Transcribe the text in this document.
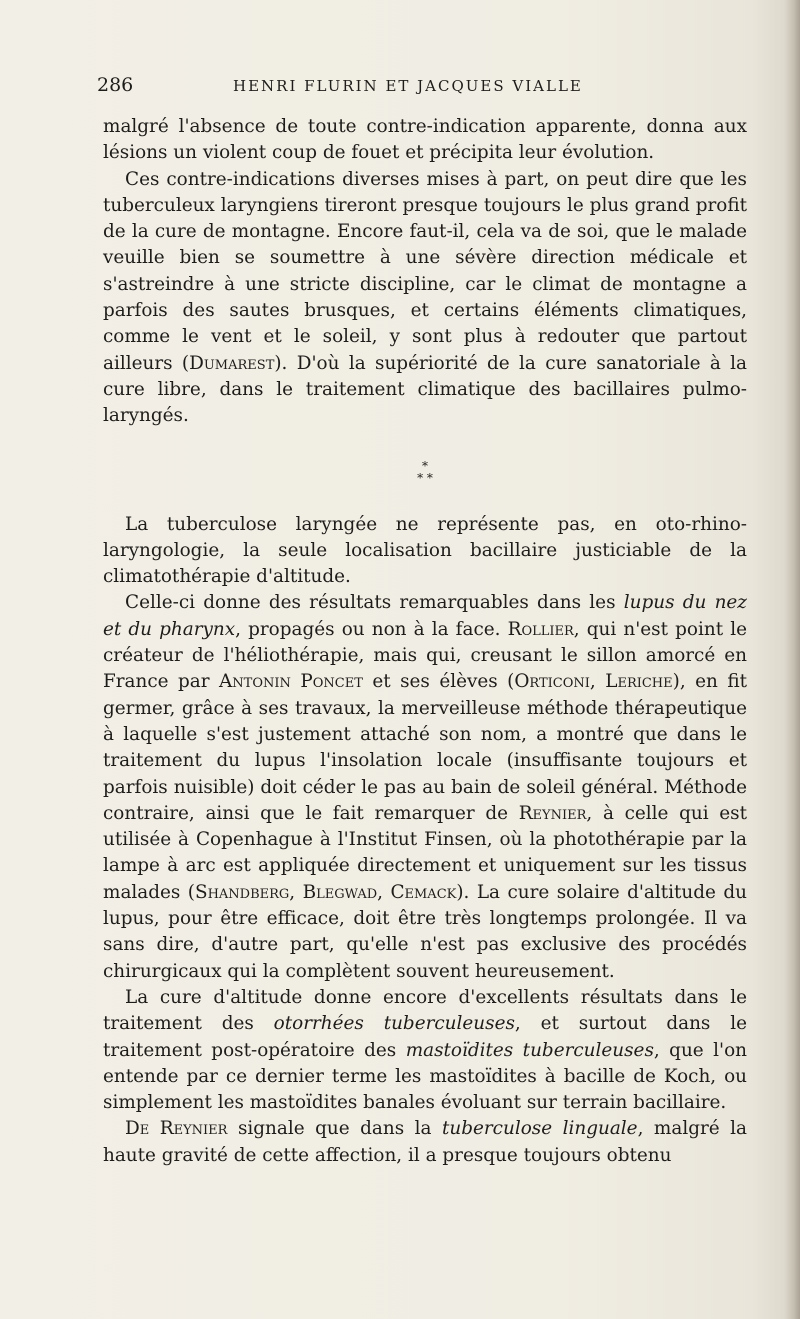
286	HENRI FLURIN ET JACQUES VIALLE

malgré l'absence de toute contre-indication apparente, donna aux lésions un violent coup de fouet et précipita leur évolution.

Ces contre-indications diverses mises à part, on peut dire que les tuberculeux laryngiens tireront presque toujours le plus grand profit de la cure de montagne. Encore faut-il, cela va de soi, que le malade veuille bien se soumettre à une sévère direction médicale et s'astreindre à une stricte discipline, car le climat de montagne a parfois des sautes brusques, et certains éléments climatiques, comme le vent et le soleil, y sont plus à redouter que partout ailleurs (Dumarest). D'où la supériorité de la cure sanatoriale à la cure libre, dans le traitement climatique des bacillaires pulmo-laryngés.

*
* *

La tuberculose laryngée ne représente pas, en oto-rhino-laryngologie, la seule localisation bacillaire justiciable de la climatothérapie d'altitude.

Celle-ci donne des résultats remarquables dans les lupus du nez et du pharynx, propagés ou non à la face. Rollier, qui n'est point le créateur de l'héliothérapie, mais qui, creusant le sillon amorcé en France par Antonin Poncet et ses élèves (Orticoni, Leriche), en fit germer, grâce à ses travaux, la merveilleuse méthode thérapeutique à laquelle s'est justement attaché son nom, a montré que dans le traitement du lupus l'insolation locale (insuffisante toujours et parfois nuisible) doit céder le pas au bain de soleil général. Méthode contraire, ainsi que le fait remarquer de Reynier, à celle qui est utilisée à Copenhague à l'Institut Finsen, où la photothérapie par la lampe à arc est appliquée directement et uniquement sur les tissus malades (Shandberg, Blegwad, Cemack). La cure solaire d'altitude du lupus, pour être efficace, doit être très longtemps prolongée. Il va sans dire, d'autre part, qu'elle n'est pas exclusive des procédés chirurgicaux qui la complètent souvent heureusement.

La cure d'altitude donne encore d'excellents résultats dans le traitement des otorrhées tuberculeuses, et surtout dans le traitement post-opératoire des mastoïdites tuberculeuses, que l'on entende par ce dernier terme les mastoïdites à bacille de Koch, ou simplement les mastoïdites banales évoluant sur terrain bacillaire.

De Reynier signale que dans la tuberculose linguale, malgré la haute gravité de cette affection, il a presque toujours obtenu
